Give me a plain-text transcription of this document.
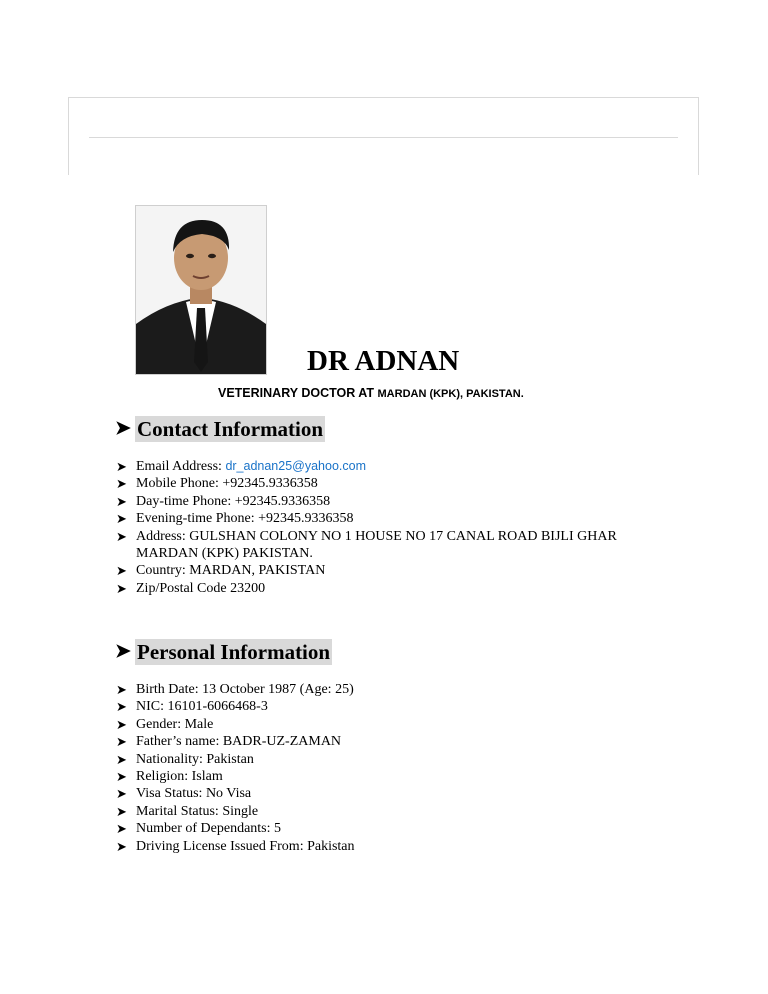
DR ADNAN

VETERINARY DOCTOR AT MARDAN (KPK), PAKISTAN.

➤ Contact Information
➤ Email Address: dr_adnan25@yahoo.com
➤ Mobile Phone: +92345.9336358
➤ Day-time Phone: +92345.9336358
➤ Evening-time Phone: +92345.9336358
➤ Address: GULSHAN COLONY NO 1 HOUSE NO 17 CANAL ROAD BIJLI GHAR
MARDAN (KPK) PAKISTAN.
➤ Country: MARDAN, PAKISTAN
➤ Zip/Postal Code 23200
➤ Personal Information
➤ Birth Date: 13 October 1987 (Age: 25)
➤ NIC: 16101-6066468-3
➤ Gender: Male
➤ Father’s name: BADR-UZ-ZAMAN
➤ Nationality: Pakistan
➤ Religion: Islam
➤ Visa Status: No Visa
➤ Marital Status: Single
➤ Number of Dependants: 5
➤ Driving License Issued From: Pakistan
